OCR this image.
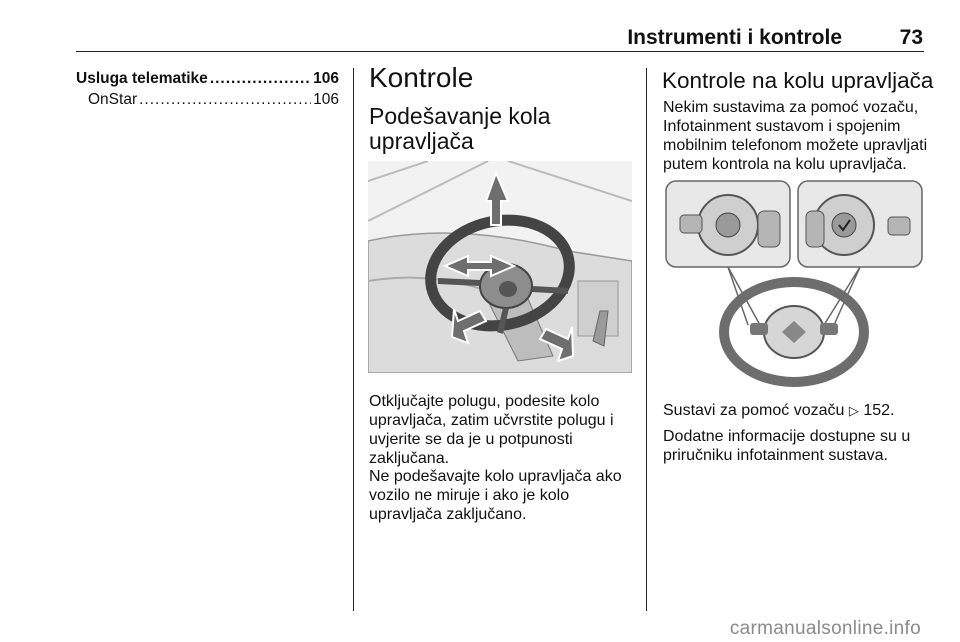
Instrumenti i kontrole	73
Usluga telematike .....	106
OnStar .....	106
Kontrole
Podešavanje kola upravljača

Otključajte polugu, podesite kolo upravljača, zatim učvrstite polugu i uvjerite se da je u potpunosti zaključana.

Ne podešavajte kolo upravljača ako vozilo ne miruje i ako je kolo upravljača zaključano.

Kontrole na kolu upravljača

Nekim sustavima za pomoć vozaču, Infotainment sustavom i spojenim mobilnim telefonom možete upravljati putem kontrola na kolu upravljača.

Sustavi za pomoć vozaču ▷ 152.

Dodatne informacije dostupne su u priručniku infotainment sustava.

carmanualsonline.info
